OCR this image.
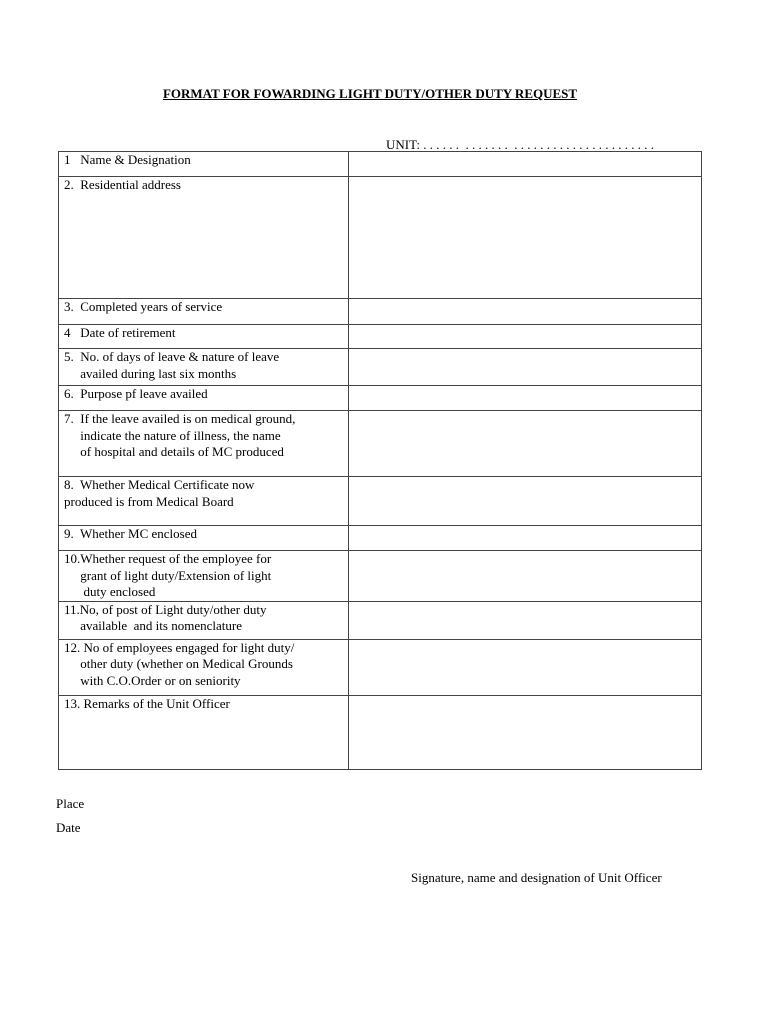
FORMAT FOR FOWARDING LIGHT DUTY/OTHER DUTY REQUEST
UNIT: . . . . . .  . . . . . . .  . . . . . . . . . . . . . . . . . . . . . .
1   Name & Designation	

2.  Residential address	

3.  Completed years of service	

4   Date of retirement	

5.  No. of days of leave & nature of leave
availed during last six months	

6.  Purpose pf leave availed	

7.  If the leave availed is on medical ground,
indicate the nature of illness, the name
of hospital and details of MC produced	

8.  Whether Medical Certificate now
produced is from Medical Board	

9.  Whether MC enclosed	

10.Whether request of the employee for
grant of light duty/Extension of light
duty enclosed	

11.No, of post of Light duty/other duty
available  and its nomenclature	

12. No of employees engaged for light duty/
other duty (whether on Medical Grounds
with C.O.Order or on seniority	

13. Remarks of the Unit Officer	

Place
Date
Signature, name and designation of Unit Officer
